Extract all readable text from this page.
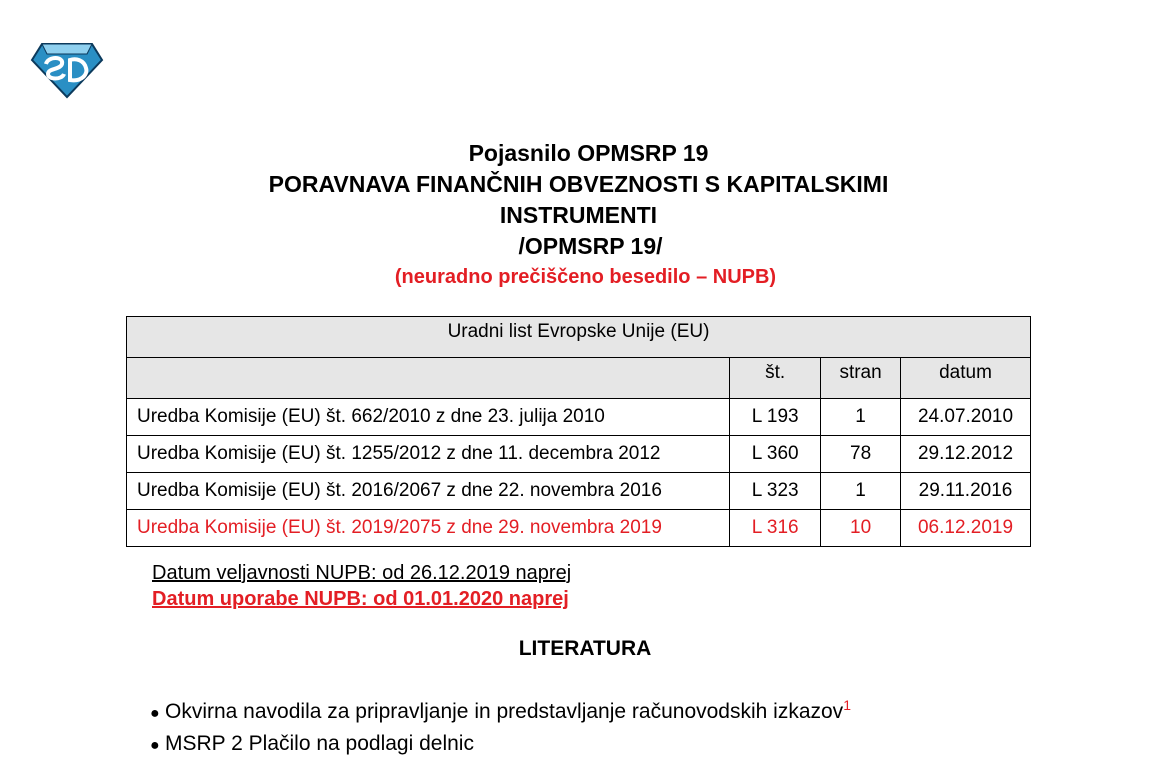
Pojasnilo OPMSRP 19
PORAVNAVA FINANČNIH OBVEZNOSTI S KAPITALSKIMI
INSTRUMENTI
/OPMSRP 19/
(neuradno prečiščeno besedilo – NUPB)
Uradni list Evropske Unije (EU)			
	št.	stran	datum
Uredba Komisije (EU) št. 662/2010 z dne 23. julija 2010	L 193	1	24.07.2010
Uredba Komisije (EU) št. 1255/2012 z dne 11. decembra 2012	L 360	78	29.12.2012
Uredba Komisije (EU) št. 2016/2067 z dne 22. novembra 2016	L 323	1	29.11.2016
Uredba Komisije (EU) št. 2019/2075 z dne 29. novembra 2019	L 316	10	06.12.2019
Datum veljavnosti NUPB: od 26.12.2019 naprej
Datum uporabe NUPB: od 01.01.2020 naprej
LITERATURA
● Okvirna navodila za pripravljanje in predstavljanje računovodskih izkazov$^1$
● MSRP 2 Plačilo na podlagi delnic
